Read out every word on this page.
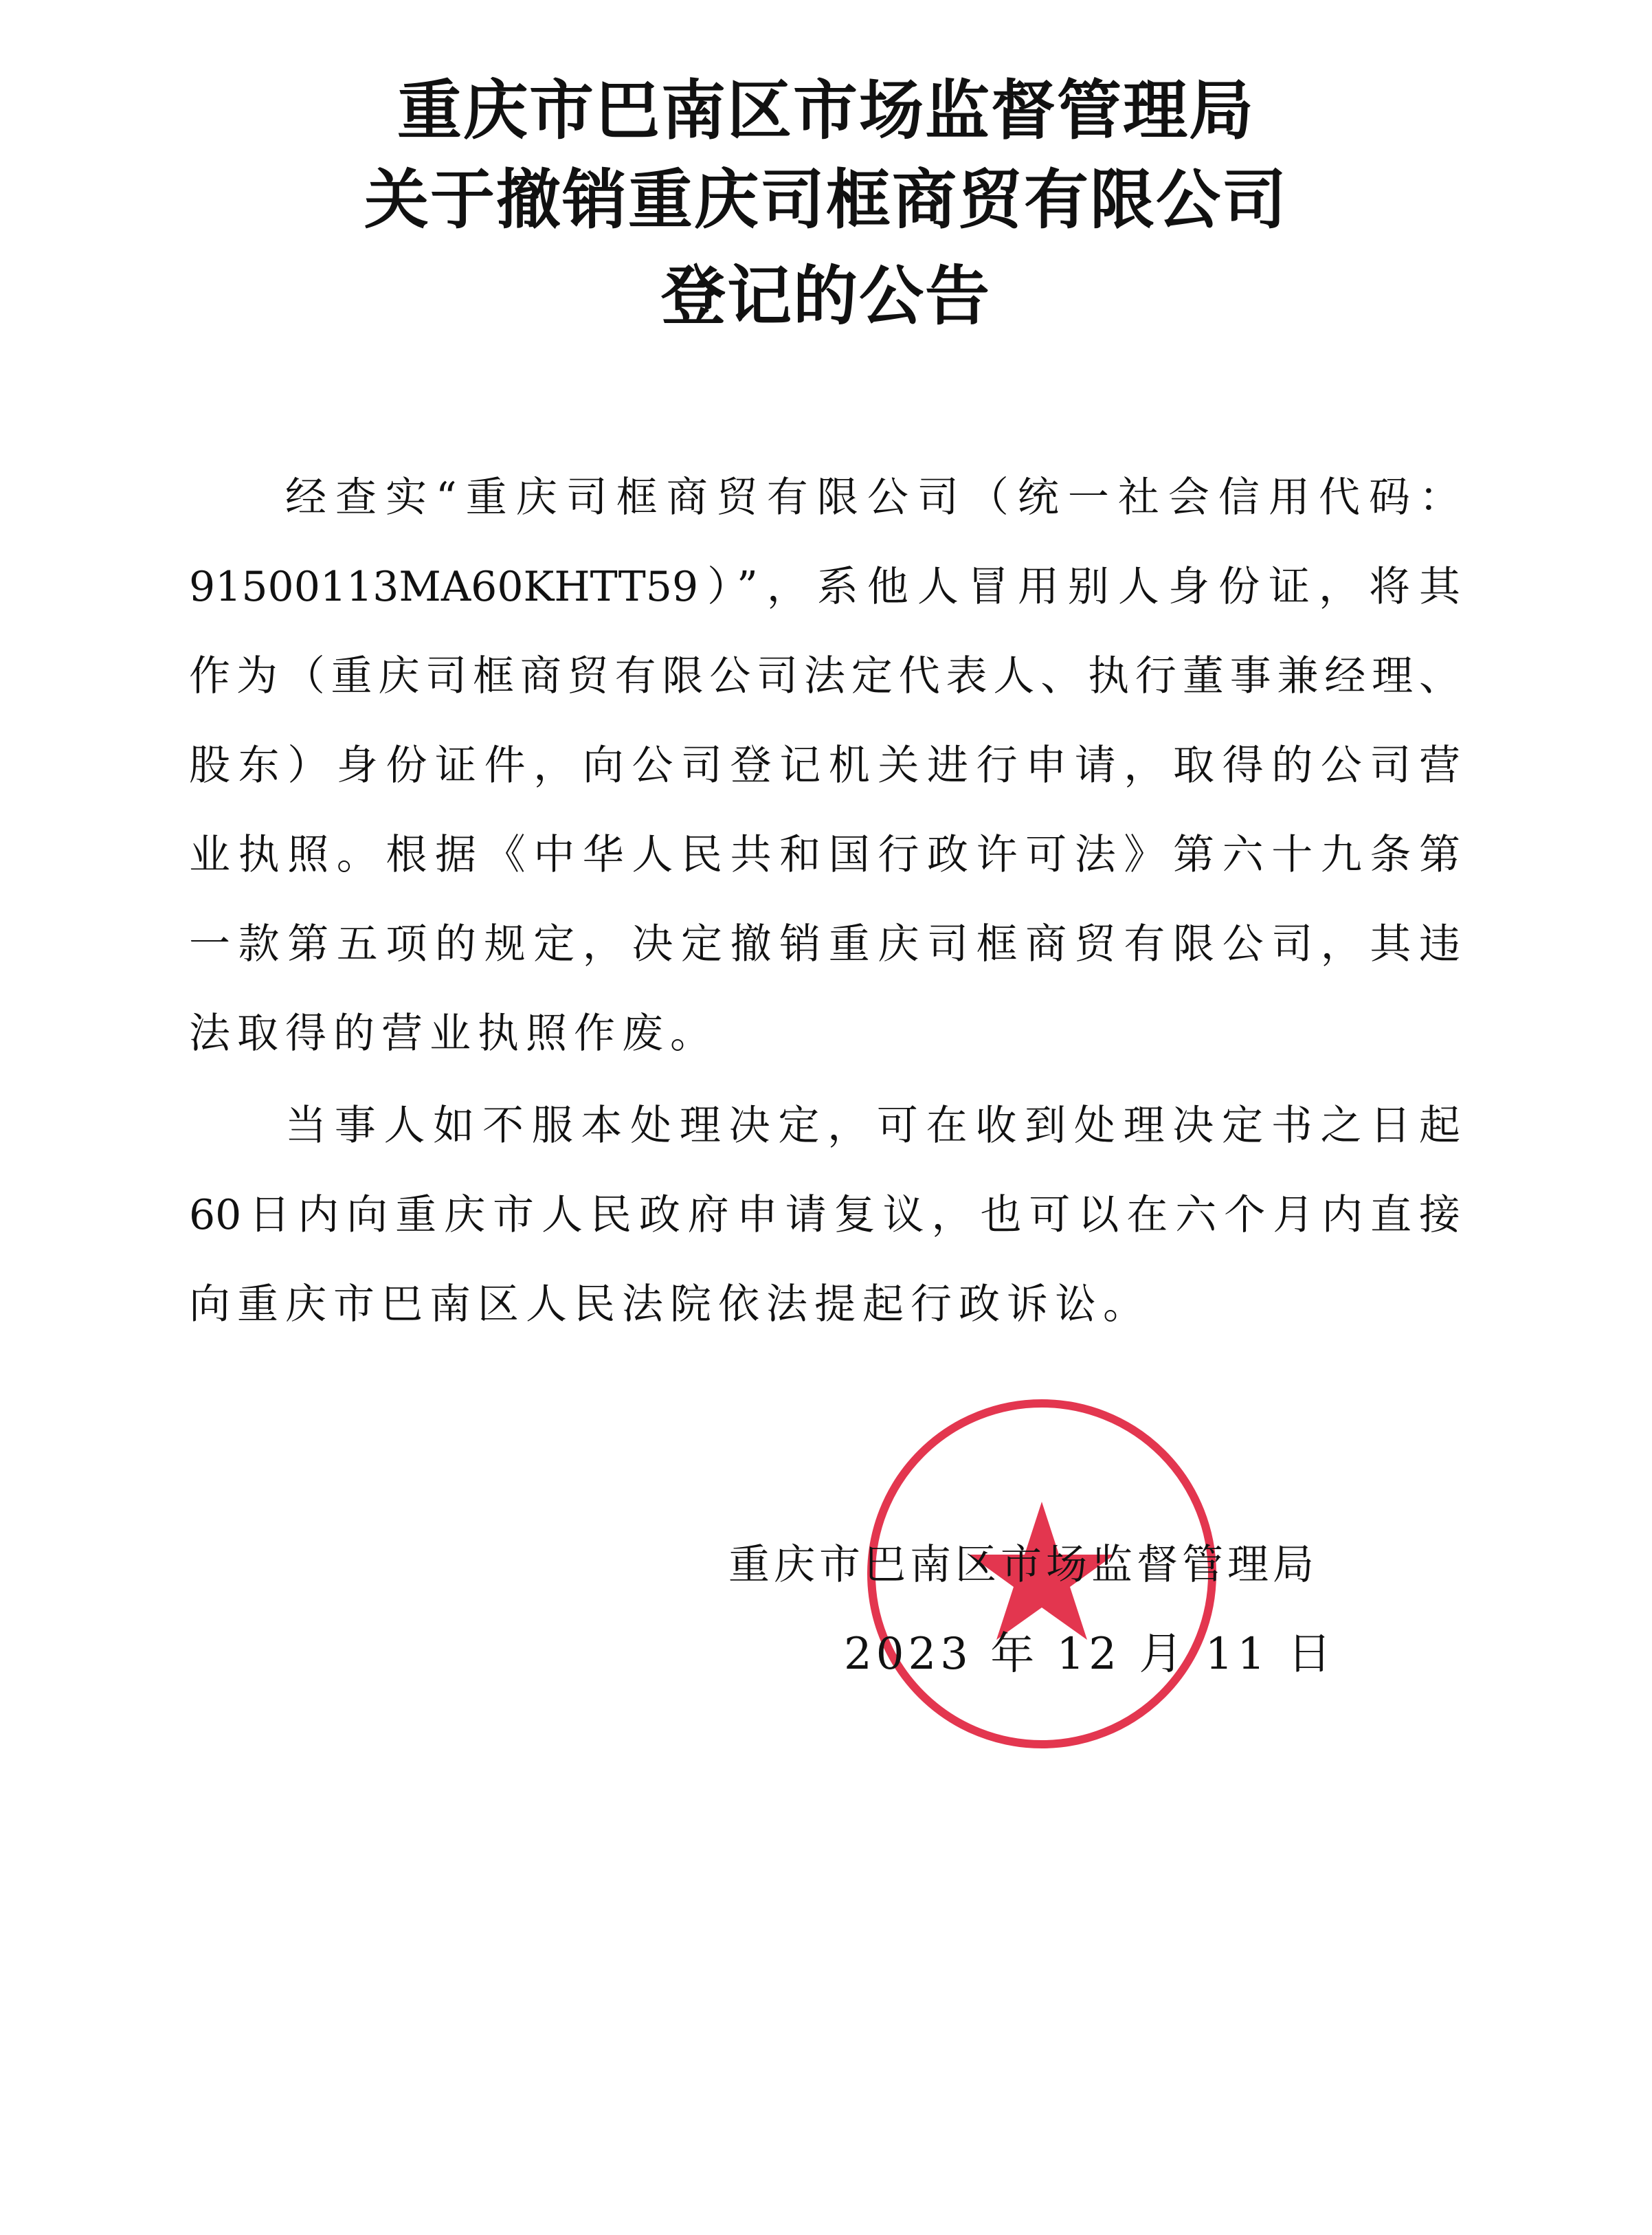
重庆市巴南区市场监督管理局
关于撤销重庆司框商贸有限公司
登记的公告
经查实“重庆司框商贸有限公司（统一社会信用代码：
91500113MA60KHTT59）”，系他人冒用别人身份证，将其
作为（重庆司框商贸有限公司法定代表人、执行董事兼经理、
股东）身份证件，向公司登记机关进行申请，取得的公司营
业执照。根据《中华人民共和国行政许可法》第六十九条第
一款第五项的规定，决定撤销重庆司框商贸有限公司，其违
法取得的营业执照作废。
当事人如不服本处理决定，可在收到处理决定书之日起
60日内向重庆市人民政府申请复议，也可以在六个月内直接
向重庆市巴南区人民法院依法提起行政诉讼。
重庆市巴南区市场监督管理局
2023 年 12 月 11 日
